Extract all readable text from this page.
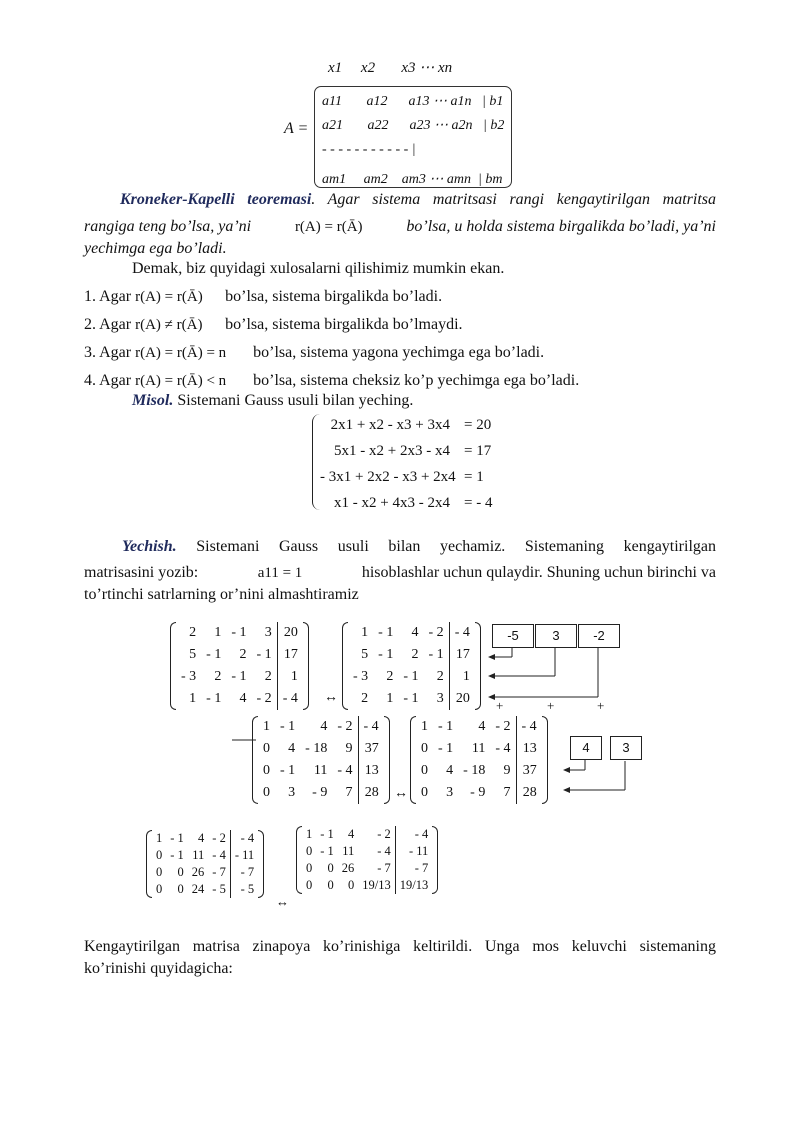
x1 x2 x3 ⋯ xn
A =
a11 a12 a13 ⋯ a1n | b1
a21 a22 a23 ⋯ a2n | b2
- - - - - - - - - - - |
am1 am2 am3 ⋯ amn | bm
Kroneker-Kapelli teoremasi. Agar sistema matritsasi rangi kengaytirilgan matritsa
rangiga teng bo’lsa, ya’ni	r(A) = r(Ā)	bo’lsa, u holda sistema birgalikda bo’ladi, ya’ni
yechimga ega bo’ladi.
Demak, biz quyidagi xulosalarni qilishimiz mumkin ekan.
1. Agar r(A) = r(Ā) bo’lsa, sistema birgalikda bo’ladi.
2. Agar r(A) ≠ r(Ā) bo’lsa, sistema birgalikda bo’lmaydi.
3. Agar r(A) = r(Ā) = n bo’lsa, sistema yagona yechimga ega bo’ladi.
4. Agar r(A) = r(Ā) < n bo’lsa, sistema cheksiz ko’p yechimga ega bo’ladi.
Misol. Sistemani Gauss usuli bilan yeching.
2x1 + x2 - x3 + 3x4 = 20
5x1 - x2 + 2x3 - x4 = 17
- 3x1 + 2x2 - x3 + 2x4 = 1
x1 - x2 + 4x3 - 2x4 = - 4
Yechish. Sistemani Gauss usuli bilan yechamiz. Sistemaning kengaytirilgan
matrisasini yozib:	a11 = 1	hisoblashlar uchun qulaydir. Shuning uchun birinchi va
to’rtinchi satrlarning or’nini almashtiramiz
2	1	- 1	3	20
5	- 1	2	- 1	17
- 3	2	- 1	2	1
1	- 1	4	- 2	- 4 ↔
1	- 1	4	- 2	- 4
5	- 1	2	- 1	17
- 3	2	- 1	2	1
2	1	- 1	3	20
-5	3	-2
+	+	+
1	- 1	4	- 2	- 4
0	4	- 18	9	37
0	- 1	11	- 4	13
0	3	- 9	7	28 ↔
1	- 1	4	- 2	- 4
0	- 1	11	- 4	13
0	4	- 18	9	37
0	3	- 9	7	28
4	3
1	- 1	4	- 2	- 4
0	- 1	11	- 4	- 11
0	0	26	- 7	- 7
0	0	24	- 5	- 5
↔
1	- 1	4	- 2	- 4
0	- 1	11	- 4	- 11
0	0	26	- 7	- 7
0	0	0	19/13	19/13
Kengaytirilgan matrisa zinapoya ko’rinishiga keltirildi. Unga mos keluvchi sistemaning
ko’rinishi quyidagicha:
